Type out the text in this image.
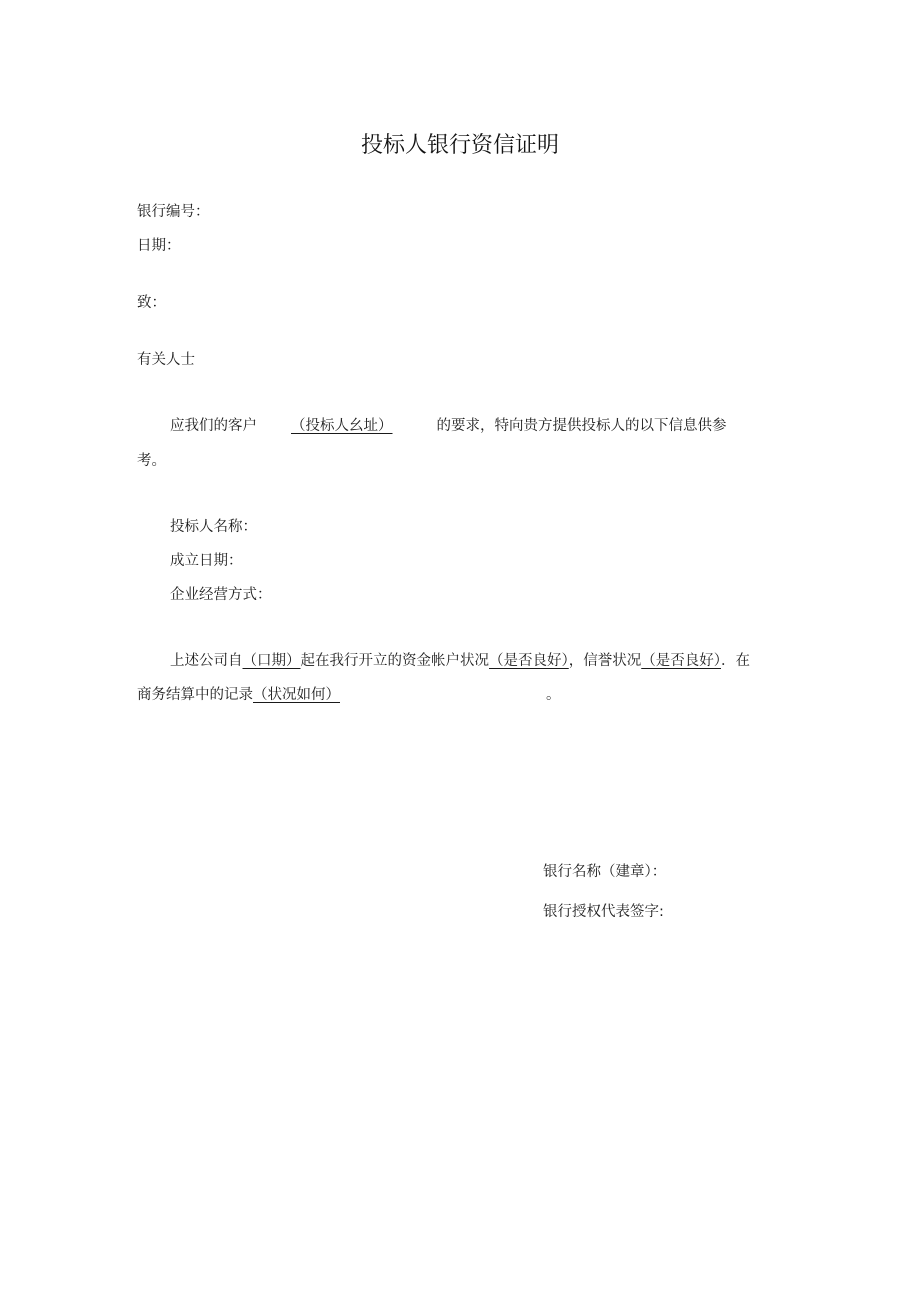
投标人银行资信证明
银行编号：
日期：
致：
有关人士
应我们的客户 （投标人幺址）	的要求，特向贵方提供投标人的以下信息供参
考。
投标人名称：
成立日期：
企业经营方式：
上述公司自（口期）起在我行开立的资金帐户状况（是否良好），信誉状况（是否良好）．在
商务结算中的记录（状况如何）	。
银行名称（建章）：
银行授权代表签字:
